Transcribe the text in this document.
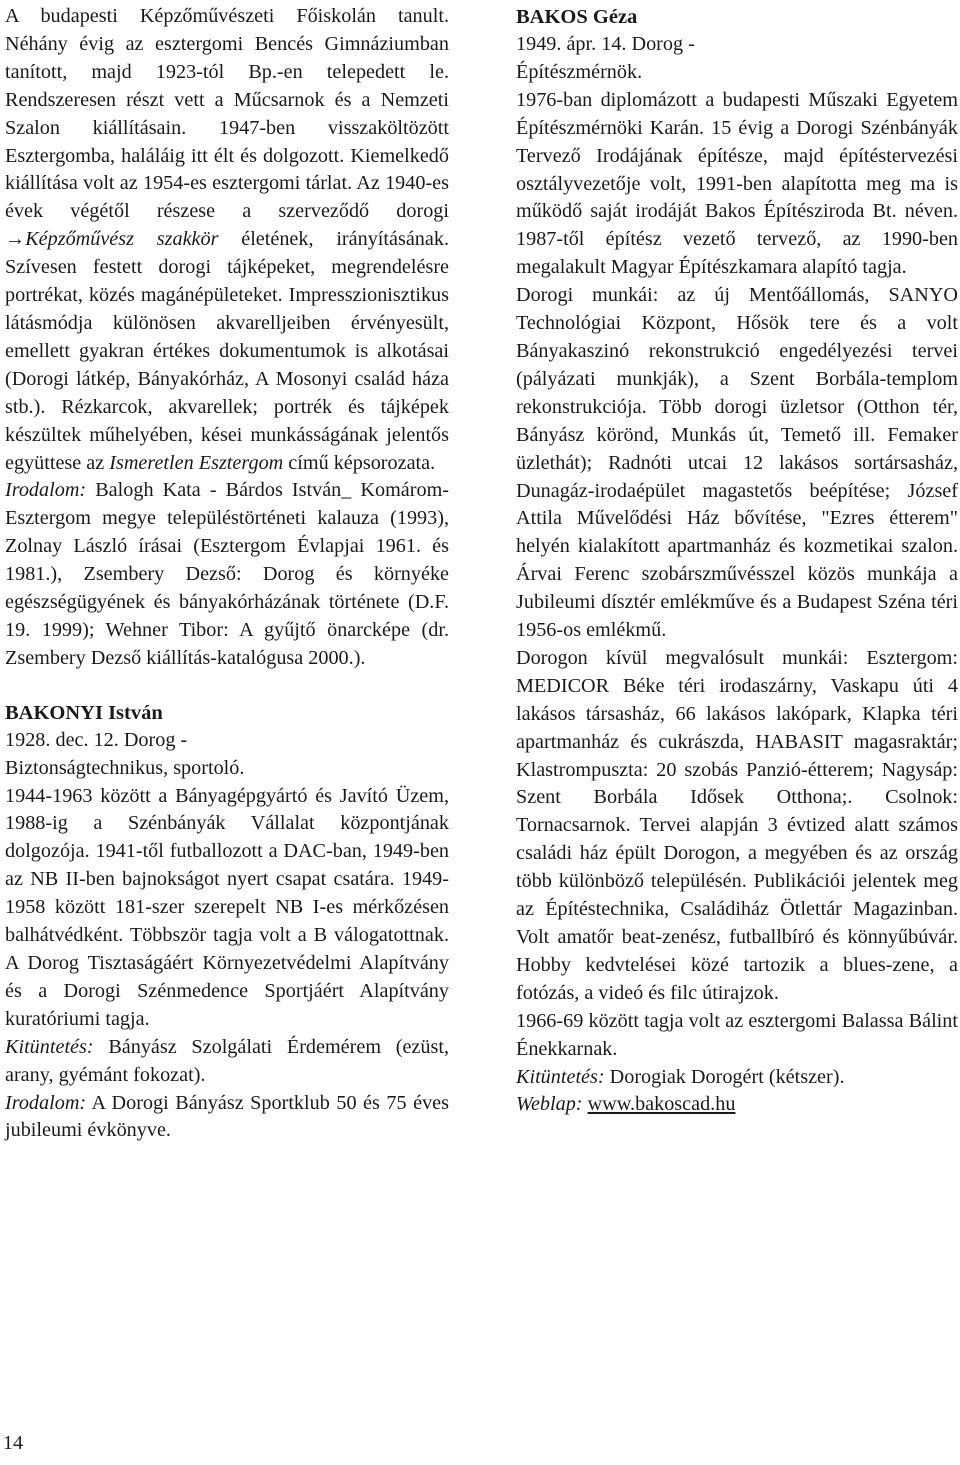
A budapesti Képzőművészeti Főiskolán tanult. Néhány évig az esztergomi Bencés Gimnáziumban tanított, majd 1923-tól Bp.-en telepedett le. Rendszeresen részt vett a Műcsarnok és a Nemzeti Szalon kiállításain. 1947-ben visszaköltözött Esztergomba, haláláig itt élt és dolgozott. Kiemelkedő kiállítása volt az 1954-es esztergomi tárlat. Az 1940-es évek végétől részese a szerveződő dorogi →Képzőművész szakkör életének, irányításának. Szívesen festett dorogi tájképeket, megrendelésre portrékat, közés magánépületeket. Impresszionisztikus látásmódja különösen akvarelljeiben érvényesült, emellett gyakran értékes dokumentumok is alkotásai (Dorogi látkép, Bányakórház, A Mosonyi család háza stb.). Rézkarcok, akvarellek; portrék és tájképek készültek műhelyében, kései munkásságának jelentős együttese az Ismeretlen Esztergom című képsorozata.

Irodalom: Balogh Kata - Bárdos István_ Komárom-Esztergom megye településtörténeti kalauza (1993), Zolnay László írásai (Esztergom Évlapjai 1961. és 1981.), Zsembery Dezső: Dorog és környéke egészségügyének és bányakórházának története (D.F. 19. 1999); Wehner Tibor: A gyűjtő önarcképe (dr. Zsembery Dezső kiállítás-katalógusa 2000.).

BAKONYI István

1928. dec. 12. Dorog -

Biztonságtechnikus, sportoló.

1944-1963 között a Bányagépgyártó és Javító Üzem, 1988-ig a Szénbányák Vállalat központjának dolgozója. 1941-től futballozott a DAC-ban, 1949-ben az NB II-ben bajnokságot nyert csapat csatára. 1949-1958 között 181-szer szerepelt NB I-es mérkőzésen balhátvédként. Többször tagja volt a B válogatottnak. A Dorog Tisztaságáért Környezetvédelmi Alapítvány és a Dorogi Szénmedence Sportjáért Alapítvány kuratóriumi tagja.

Kitüntetés: Bányász Szolgálati Érdemérem (ezüst, arany, gyémánt fokozat).

Irodalom: A Dorogi Bányász Sportklub 50 és 75 éves jubileumi évkönyve.

BAKOS Géza

1949. ápr. 14. Dorog -

Építészmérnök.

1976-ban diplomázott a budapesti Műszaki Egyetem Építészmérnöki Karán. 15 évig a Dorogi Szénbányák Tervező Irodájának építésze, majd építéstervezési osztályvezetője volt, 1991-ben alapította meg ma is működő saját irodáját Bakos Építésziroda Bt. néven. 1987-től építész vezető tervező, az 1990-ben megalakult Magyar Építészkamara alapító tagja.

Dorogi munkái: az új Mentőállomás, SANYO Technológiai Központ, Hősök tere és a volt Bányakaszinó rekonstrukció engedélyezési tervei (pályázati munkják), a Szent Borbála-templom rekonstrukciója. Több dorogi üzletsor (Otthon tér, Bányász körönd, Munkás út, Temető ill. Femaker üzlethát); Radnóti utcai 12 lakásos sortársasház, Dunagáz-irodaépület magastetős beépítése; József Attila Művelődési Ház bővítése, "Ezres étterem" helyén kialakított apartmanház és kozmetikai szalon. Árvai Ferenc szobárszművésszel közös munkája a Jubileumi dísztér emlékműve és a Budapest Széna téri 1956-os emlékmű.

Dorogon kívül megvalósult munkái: Esztergom: MEDICOR Béke téri irodaszárny, Vaskapu úti 4 lakásos társasház, 66 lakásos lakópark, Klapka téri apartmanház és cukrászda, HABASIT magasraktár; Klastrompuszta: 20 szobás Panzió-étterem; Nagysáp: Szent Borbála Idősek Otthona;. Csolnok: Tornacsarnok. Tervei alapján 3 évtized alatt számos családi ház épült Dorogon, a megyében és az ország több különböző településén. Publikációi jelentek meg az Építéstechnika, Családiház Ötlettár Magazinban. Volt amatőr beat-zenész, futballbíró és könnyűbúvár. Hobby kedvtelései közé tartozik a blues-zene, a fotózás, a videó és filc útirajzok.

1966-69 között tagja volt az esztergomi Balassa Bálint Énekkarnak.

Kitüntetés: Dorogiak Dorogért (kétszer).

Weblap: www.bakoscad.hu

14
